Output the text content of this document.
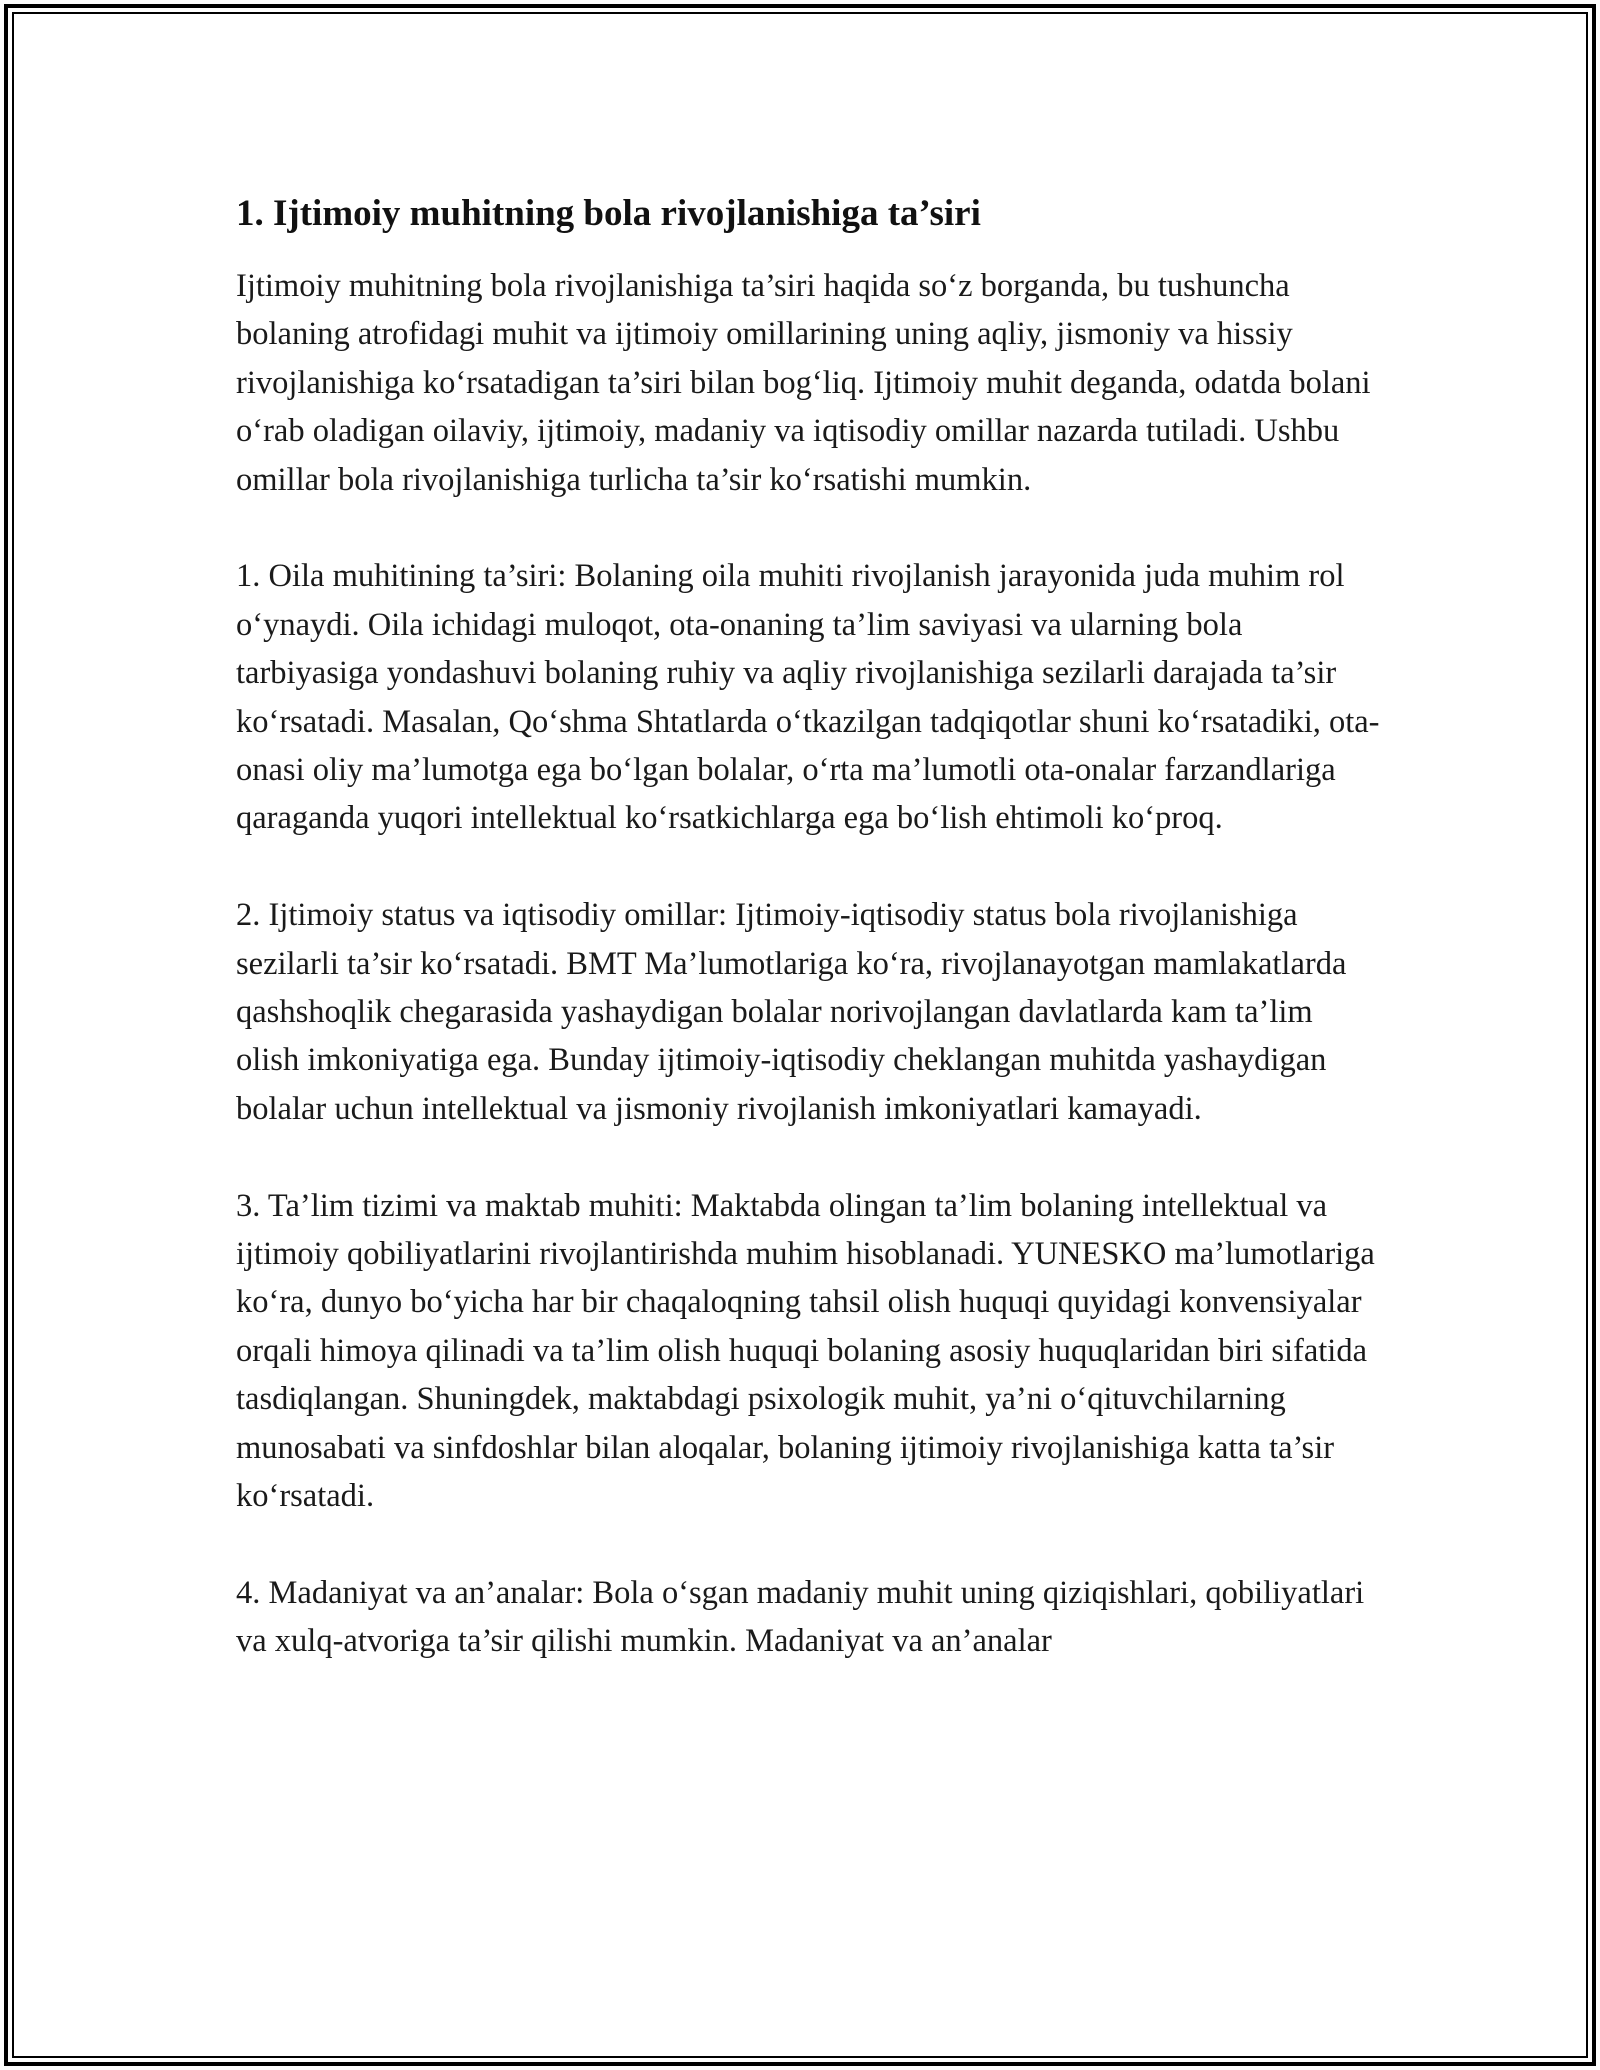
1. Ijtimoiy muhitning bola rivojlanishiga ta’siri

Ijtimoiy muhitning bola rivojlanishiga ta’siri haqida so‘z borganda, bu tushuncha bolaning atrofidagi muhit va ijtimoiy omillarining uning aqliy, jismoniy va hissiy rivojlanishiga ko‘rsatadigan ta’siri bilan bog‘liq. Ijtimoiy muhit deganda, odatda bolani o‘rab oladigan oilaviy, ijtimoiy, madaniy va iqtisodiy omillar nazarda tutiladi. Ushbu omillar bola rivojlanishiga turlicha ta’sir ko‘rsatishi mumkin.

1. Oila muhitining ta’siri: Bolaning oila muhiti rivojlanish jarayonida juda muhim rol o‘ynaydi. Oila ichidagi muloqot, ota-onaning ta’lim saviyasi va ularning bola tarbiyasiga yondashuvi bolaning ruhiy va aqliy rivojlanishiga sezilarli darajada ta’sir ko‘rsatadi. Masalan, Qo‘shma Shtatlarda o‘tkazilgan tadqiqotlar shuni ko‘rsatadiki, ota-onasi oliy ma’lumotga ega bo‘lgan bolalar, o‘rta ma’lumotli ota-onalar farzandlariga qaraganda yuqori intellektual ko‘rsatkichlarga ega bo‘lish ehtimoli ko‘proq.

2. Ijtimoiy status va iqtisodiy omillar: Ijtimoiy-iqtisodiy status bola rivojlanishiga sezilarli ta’sir ko‘rsatadi. BMT Ma’lumotlariga ko‘ra, rivojlanayotgan mamlakatlarda qashshoqlik chegarasida yashaydigan bolalar norivojlangan davlatlarda kam ta’lim olish imkoniyatiga ega. Bunday ijtimoiy-iqtisodiy cheklangan muhitda yashaydigan bolalar uchun intellektual va jismoniy rivojlanish imkoniyatlari kamayadi.

3. Ta’lim tizimi va maktab muhiti: Maktabda olingan ta’lim bolaning intellektual va ijtimoiy qobiliyatlarini rivojlantirishda muhim hisoblanadi. YUNESKO ma’lumotlariga ko‘ra, dunyo bo‘yicha har bir chaqaloqning tahsil olish huquqi quyidagi konvensiyalar orqali himoya qilinadi va ta’lim olish huquqi bolaning asosiy huquqlaridan biri sifatida tasdiqlangan. Shuningdek, maktabdagi psixologik muhit, ya’ni o‘qituvchilarning munosabati va sinfdoshlar bilan aloqalar, bolaning ijtimoiy rivojlanishiga katta ta’sir ko‘rsatadi.

4. Madaniyat va an’analar: Bola o‘sgan madaniy muhit uning qiziqishlari, qobiliyatlari va xulq-atvoriga ta’sir qilishi mumkin. Madaniyat va an’analar
